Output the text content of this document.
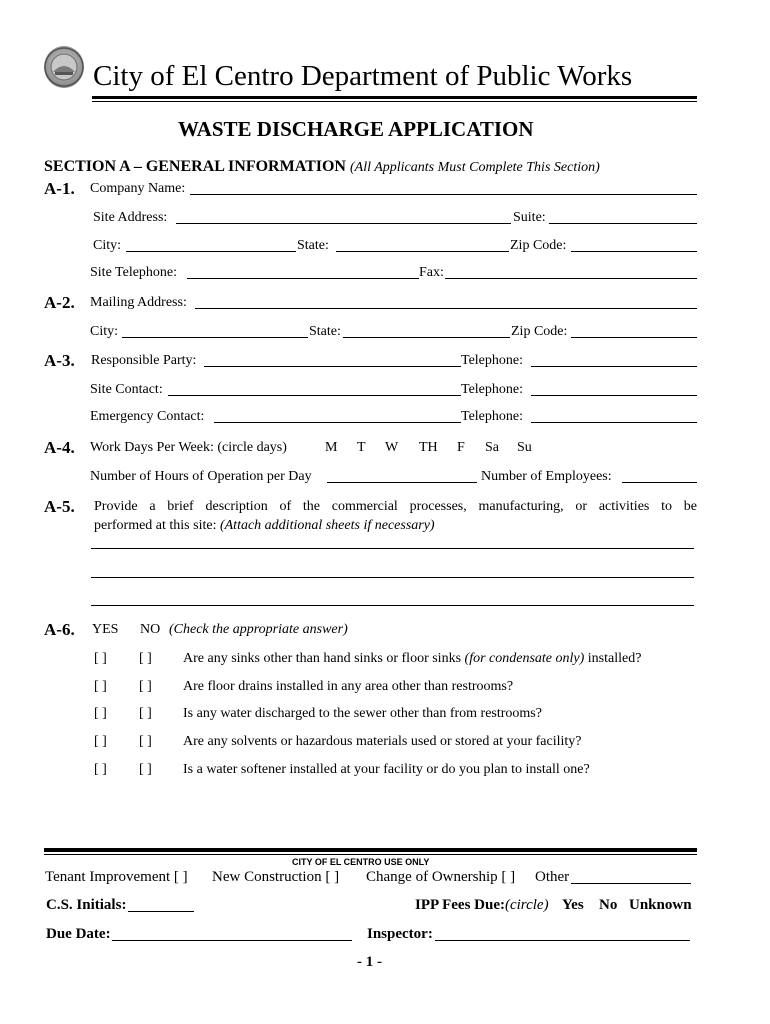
City of El Centro Department of Public Works
WASTE DISCHARGE APPLICATION
SECTION A – GENERAL INFORMATION (All Applicants Must Complete This Section)
A-1. Company Name:
Site Address:	Suite:
City:	State:	Zip Code:
Site Telephone:	Fax:
A-2. Mailing Address:
City:	State:	Zip Code:
A-3. Responsible Party:	Telephone:
Site Contact:	Telephone:
Emergency Contact:	Telephone:
A-4. Work Days Per Week: (circle days)	M T W TH F Sa Su
Number of Hours of Operation per Day	Number of Employees:
A-5. Provide a brief description of the commercial processes, manufacturing, or activities to be
performed at this site: (Attach additional sheets if necessary)
A-6. YES NO (Check the appropriate answer)
[ ] [ ] Are any sinks other than hand sinks or floor sinks (for condensate only) installed?
[ ] [ ] Are floor drains installed in any area other than restrooms?
[ ] [ ] Is any water discharged to the sewer other than from restrooms?
[ ] [ ] Are any solvents or hazardous materials used or stored at your facility?
[ ] [ ] Is a water softener installed at your facility or do you plan to install one?
CITY OF EL CENTRO USE ONLY
Tenant Improvement [ ] New Construction [ ] Change of Ownership [ ] Other
C.S. Initials:	IPP Fees Due:(circle) Yes No Unknown
Due Date:	Inspector:
- 1 -
